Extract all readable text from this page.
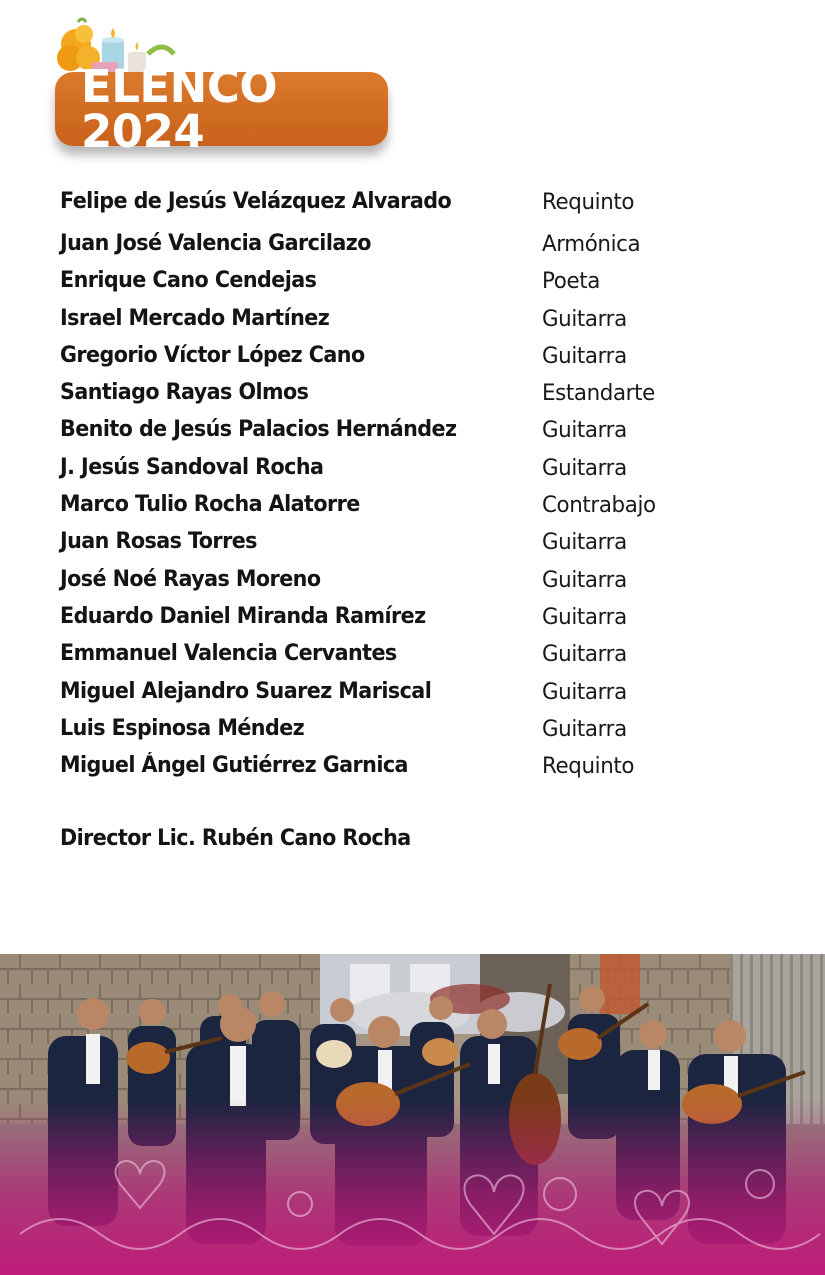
ELENCO 2024
Felipe de Jesús Velázquez Alvarado	Requinto
Juan José Valencia Garcilazo	Armónica
Enrique Cano Cendejas	Poeta
Israel Mercado Martínez	Guitarra
Gregorio Víctor López Cano	Guitarra
Santiago Rayas Olmos	Estandarte
Benito de Jesús Palacios Hernández	Guitarra
J. Jesús Sandoval Rocha	Guitarra
Marco Tulio Rocha Alatorre	Contrabajo
Juan Rosas Torres	Guitarra
José Noé Rayas Moreno	Guitarra
Eduardo Daniel Miranda Ramírez	Guitarra
Emmanuel Valencia Cervantes	Guitarra
Miguel Alejandro Suarez Mariscal	Guitarra
Luis Espinosa Méndez	Guitarra
Miguel Ángel Gutiérrez Garnica	Requinto
Director Lic. Rubén Cano Rocha
